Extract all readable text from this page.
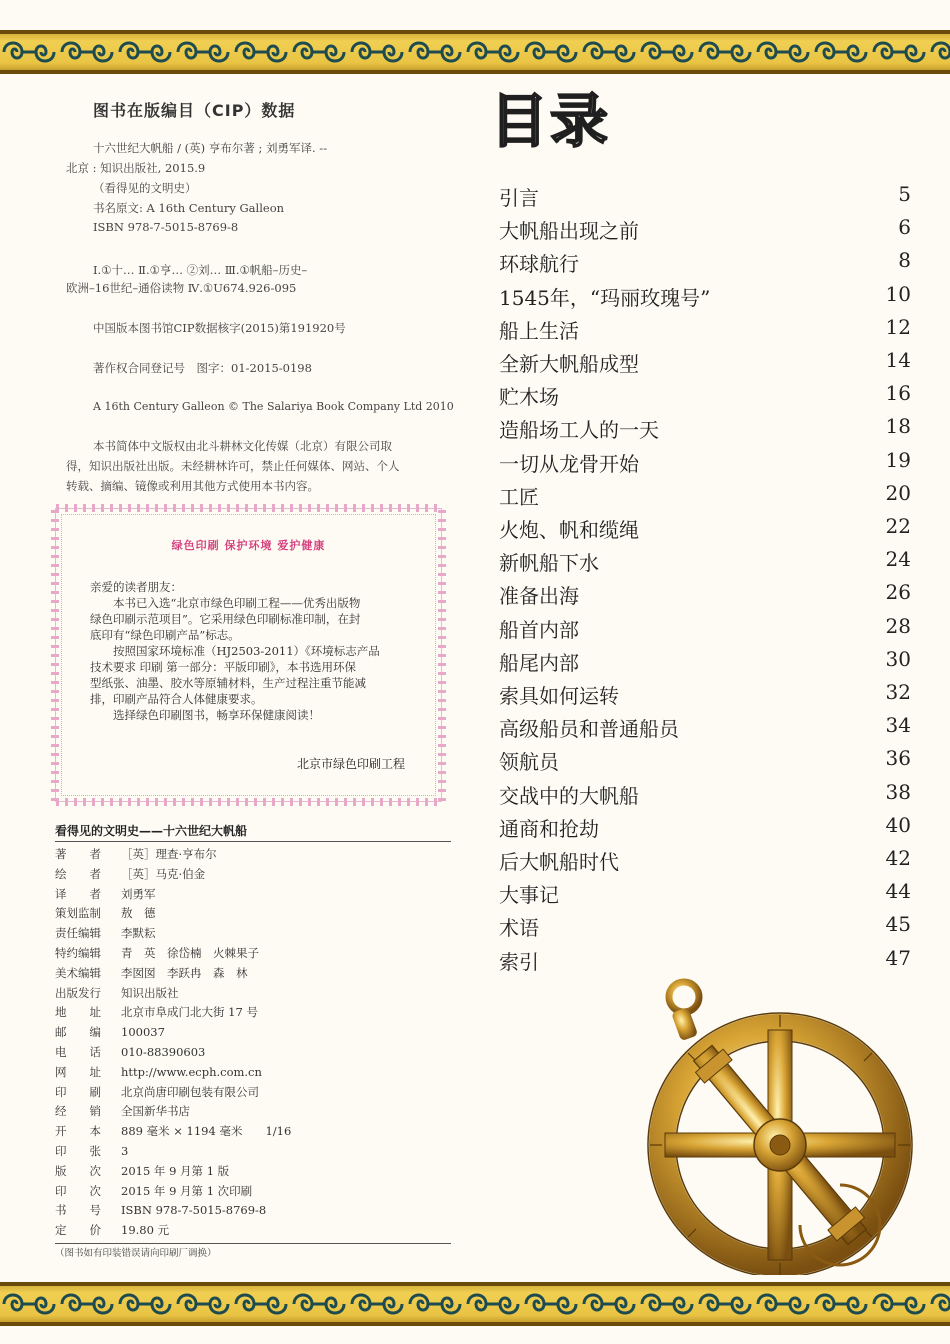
图书在版编目（CIP）数据
十六世纪大帆船 / (英) 亨布尔著 ; 刘勇军译. --
北京 : 知识出版社, 2015.9
（看得见的文明史）
书名原文: A 16th Century Galleon
ISBN 978-7-5015-8769-8
Ⅰ.①十… Ⅱ.①亨… ②刘… Ⅲ.①帆船–历史–
欧洲–16世纪–通俗读物 Ⅳ.①U674.926-095
中国版本图书馆CIP数据核字(2015)第191920号
著作权合同登记号　图字：01-2015-0198
A 16th Century Galleon © The Salariya Book Company Ltd 2010
本书简体中文版权由北斗耕林文化传媒（北京）有限公司取
得，知识出版社出版。未经耕林许可，禁止任何媒体、网站、个人
转载、摘编、镜像或利用其他方式使用本书内容。
绿色印刷 保护环境 爱护健康
亲爱的读者朋友：
　　本书已入选“北京市绿色印刷工程——优秀出版物
绿色印刷示范项目”。它采用绿色印刷标准印制，在封
底印有“绿色印刷产品”标志。
　　按照国家环境标准（HJ2503-2011）《环境标志产品
技术要求 印刷 第一部分：平版印刷》，本书选用环保
型纸张、油墨、胶水等原辅材料，生产过程注重节能减
排，印刷产品符合人体健康要求。
　　选择绿色印刷图书，畅享环保健康阅读！
北京市绿色印刷工程
看得见的文明史——十六世纪大帆船
著　　者 ［英］理查·亨布尔
绘　　者 ［英］马克·伯金
译　　者 刘勇军
策划监制 敖　德
责任编辑 李默耘
特约编辑 青　英　徐岱楠　火棘果子
美术编辑 李囡囡　李跃冉　森　林
出版发行 知识出版社
地　　址 北京市阜成门北大街 17 号
邮　　编 100037
电　　话 010-88390603
网　　址 http://www.ecph.com.cn
印　　刷 北京尚唐印刷包装有限公司
经　　销 全国新华书店
开　　本 889 毫米 × 1194 毫米　　1/16
印　　张 3
版　　次 2015 年 9 月第 1 版
印　　次 2015 年 9 月第 1 次印刷
书　　号 ISBN 978-7-5015-8769-8
定　　价 19.80 元
（图书如有印装错误请向印刷厂调换）
目录
引言	5
大帆船出现之前	6
环球航行	8
1545年，“玛丽玫瑰号”	10
船上生活	12
全新大帆船成型	14
贮木场	16
造船场工人的一天	18
一切从龙骨开始	19
工匠	20
火炮、帆和缆绳	22
新帆船下水	24
准备出海	26
船首内部	28
船尾内部	30
索具如何运转	32
高级船员和普通船员	34
领航员	36
交战中的大帆船	38
通商和抢劫	40
后大帆船时代	42
大事记	44
术语	45
索引	47
